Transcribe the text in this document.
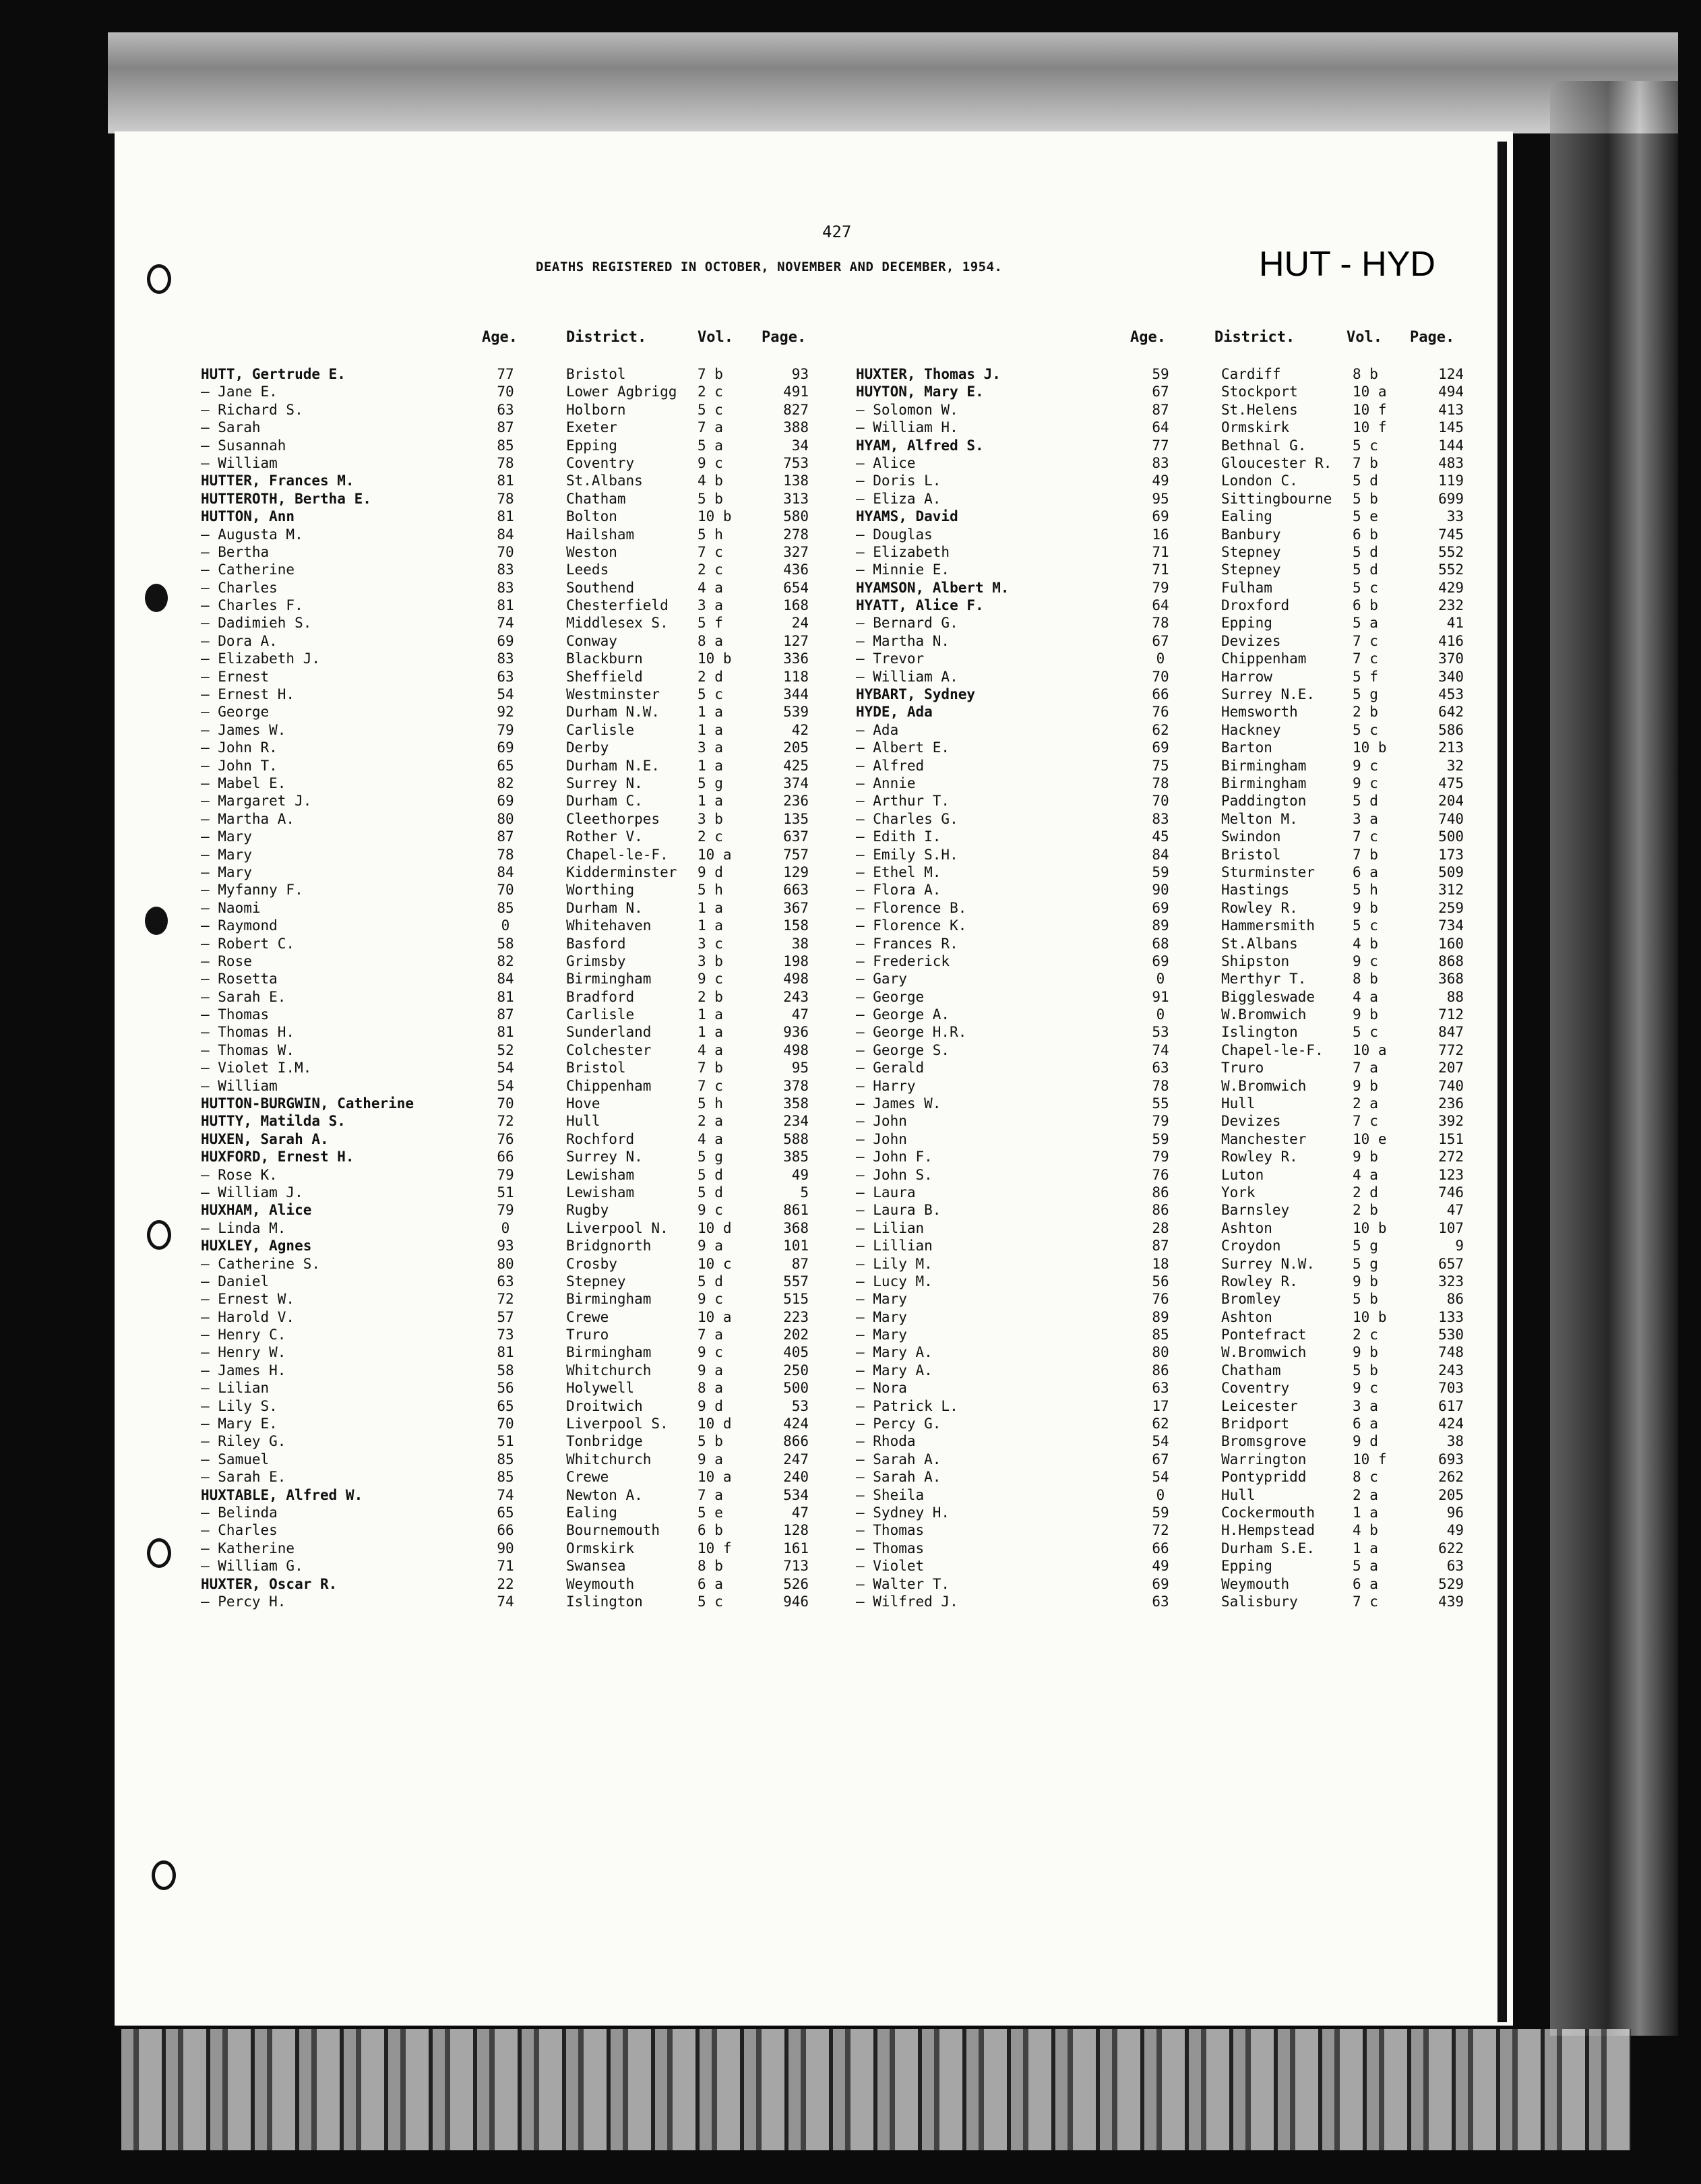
427
DEATHS REGISTERED IN OCTOBER, NOVEMBER AND DECEMBER, 1954.	HUT - HYD
Age.	District.	Vol. Page.
HUTT, Gertrude E.	77	Bristol	7 b	93
— Jane E.	70	Lower Agbrigg 2 c	491
— Richard S.	63	Holborn	5 c	827
— Sarah	87	Exeter	7 a	388
— Susannah	85	Epping	5 a	34
— William	78	Coventry	9 c	753
HUTTER, Frances M.	81	St.Albans	4 b	138
HUTTEROTH, Bertha E.	78	Chatham	5 b	313
HUTTON, Ann	81	Bolton	10 b	580
— Augusta M.	84	Hailsham	5 h	278
— Bertha	70	Weston	7 c	327
— Catherine	83	Leeds	2 c	436
— Charles	83	Southend	4 a	654
— Charles F.	81	Chesterfield 3 a	168
— Dadimieh S.	74	Middlesex S. 5 f	24
— Dora A.	69	Conway	8 a	127
— Elizabeth J.	83	Blackburn	10 b	336
— Ernest	63	Sheffield	2 d	118
— Ernest H.	54	Westminster	5 c	344
— George	92	Durham N.W.	1 a	539
— James W.	79	Carlisle	1 a	42
— John R.	69	Derby	3 a	205
— John T.	65	Durham N.E.	1 a	425
— Mabel E.	82	Surrey N.	5 g	374
— Margaret J.	69	Durham C.	1 a	236
— Martha A.	80	Cleethorpes	3 b	135
— Mary	87	Rother V.	2 c	637
— Mary	78	Chapel-le-F. 10 a	757
— Mary	84	Kidderminster 9 d	129
— Myfanny F.	70	Worthing	5 h	663
— Naomi	85	Durham N.	1 a	367
— Raymond	0	Whitehaven	1 a	158
— Robert C.	58	Basford	3 c	38
— Rose	82	Grimsby	3 b	198
— Rosetta	84	Birmingham	9 c	498
— Sarah E.	81	Bradford	2 b	243
— Thomas	87	Carlisle	1 a	47
— Thomas H.	81	Sunderland	1 a	936
— Thomas W.	52	Colchester	4 a	498
— Violet I.M.	54	Bristol	7 b	95
— William	54	Chippenham	7 c	378
HUTTON-BURGWIN, Catherine	70	Hove	5 h	358
HUTTY, Matilda S.	72	Hull	2 a	234
HUXEN, Sarah A.	76	Rochford	4 a	588
HUXFORD, Ernest H.	66	Surrey N.	5 g	385
— Rose K.	79	Lewisham	5 d	49
— William J.	51	Lewisham	5 d	5
HUXHAM, Alice	79	Rugby	9 c	861
— Linda M.	0	Liverpool N. 10 d	368
HUXLEY, Agnes	93	Bridgnorth	9 a	101
— Catherine S.	80	Crosby	10 c	87
— Daniel	63	Stepney	5 d	557
— Ernest W.	72	Birmingham	9 c	515
— Harold V.	57	Crewe	10 a	223
— Henry C.	73	Truro	7 a	202
— Henry W.	81	Birmingham	9 c	405
— James H.	58	Whitchurch	9 a	250
— Lilian	56	Holywell	8 a	500
— Lily S.	65	Droitwich	9 d	53
— Mary E.	70	Liverpool S. 10 d	424
— Riley G.	51	Tonbridge	5 b	866
— Samuel	85	Whitchurch	9 a	247
— Sarah E.	85	Crewe	10 a	240
HUXTABLE, Alfred W.	74	Newton A.	7 a	534
— Belinda	65	Ealing	5 e	47
— Charles	66	Bournemouth	6 b	128
— Katherine	90	Ormskirk	10 f	161
— William G.	71	Swansea	8 b	713
HUXTER, Oscar R.	22	Weymouth	6 a	526
— Percy H.	74	Islington	5 c	946
Age.	District.	Vol. Page.
HUXTER, Thomas J.	59	Cardiff	8 b	124
HUYTON, Mary E.	67	Stockport	10 a	494
— Solomon W.	87	St.Helens	10 f	413
— William H.	64	Ormskirk	10 f	145
HYAM, Alfred S.	77	Bethnal G.	5 c	144
— Alice	83	Gloucester R. 7 b	483
— Doris L.	49	London C.	5 d	119
— Eliza A.	95	Sittingbourne 5 b	699
HYAMS, David	69	Ealing	5 e	33
— Douglas	16	Banbury	6 b	745
— Elizabeth	71	Stepney	5 d	552
— Minnie E.	71	Stepney	5 d	552
HYAMSON, Albert M.	79	Fulham	5 c	429
HYATT, Alice F.	64	Droxford	6 b	232
— Bernard G.	78	Epping	5 a	41
— Martha N.	67	Devizes	7 c	416
— Trevor	0	Chippenham	7 c	370
— William A.	70	Harrow	5 f	340
HYBART, Sydney	66	Surrey N.E.	5 g	453
HYDE, Ada	76	Hemsworth	2 b	642
— Ada	62	Hackney	5 c	586
— Albert E.	69	Barton	10 b	213
— Alfred	75	Birmingham	9 c	32
— Annie	78	Birmingham	9 c	475
— Arthur T.	70	Paddington	5 d	204
— Charles G.	83	Melton M.	3 a	740
— Edith I.	45	Swindon	7 c	500
— Emily S.H.	84	Bristol	7 b	173
— Ethel M.	59	Sturminster	6 a	509
— Flora A.	90	Hastings	5 h	312
— Florence B.	69	Rowley R.	9 b	259
— Florence K.	89	Hammersmith	5 c	734
— Frances R.	68	St.Albans	4 b	160
— Frederick	69	Shipston	9 c	868
— Gary	0	Merthyr T.	8 b	368
— George	91	Biggleswade	4 a	88
— George A.	0	W.Bromwich	9 b	712
— George H.R.	53	Islington	5 c	847
— George S.	74	Chapel-le-F. 10 a	772
— Gerald	63	Truro	7 a	207
— Harry	78	W.Bromwich	9 b	740
— James W.	55	Hull	2 a	236
— John	79	Devizes	7 c	392
— John	59	Manchester	10 e	151
— John F.	79	Rowley R.	9 b	272
— John S.	76	Luton	4 a	123
— Laura	86	York	2 d	746
— Laura B.	86	Barnsley	2 b	47
— Lilian	28	Ashton	10 b	107
— Lillian	87	Croydon	5 g	9
— Lily M.	18	Surrey N.W.	5 g	657
— Lucy M.	56	Rowley R.	9 b	323
— Mary	76	Bromley	5 b	86
— Mary	89	Ashton	10 b	133
— Mary	85	Pontefract	2 c	530
— Mary A.	80	W.Bromwich	9 b	748
— Mary A.	86	Chatham	5 b	243
— Nora	63	Coventry	9 c	703
— Patrick L.	17	Leicester	3 a	617
— Percy G.	62	Bridport	6 a	424
— Rhoda	54	Bromsgrove	9 d	38
— Sarah A.	67	Warrington	10 f	693
— Sarah A.	54	Pontypridd	8 c	262
— Sheila	0	Hull	2 a	205
— Sydney H.	59	Cockermouth	1 a	96
— Thomas	72	H.Hempstead	4 b	49
— Thomas	66	Durham S.E.	1 a	622
— Violet	49	Epping	5 a	63
— Walter T.	69	Weymouth	6 a	529
— Wilfred J.	63	Salisbury	7 c	439
